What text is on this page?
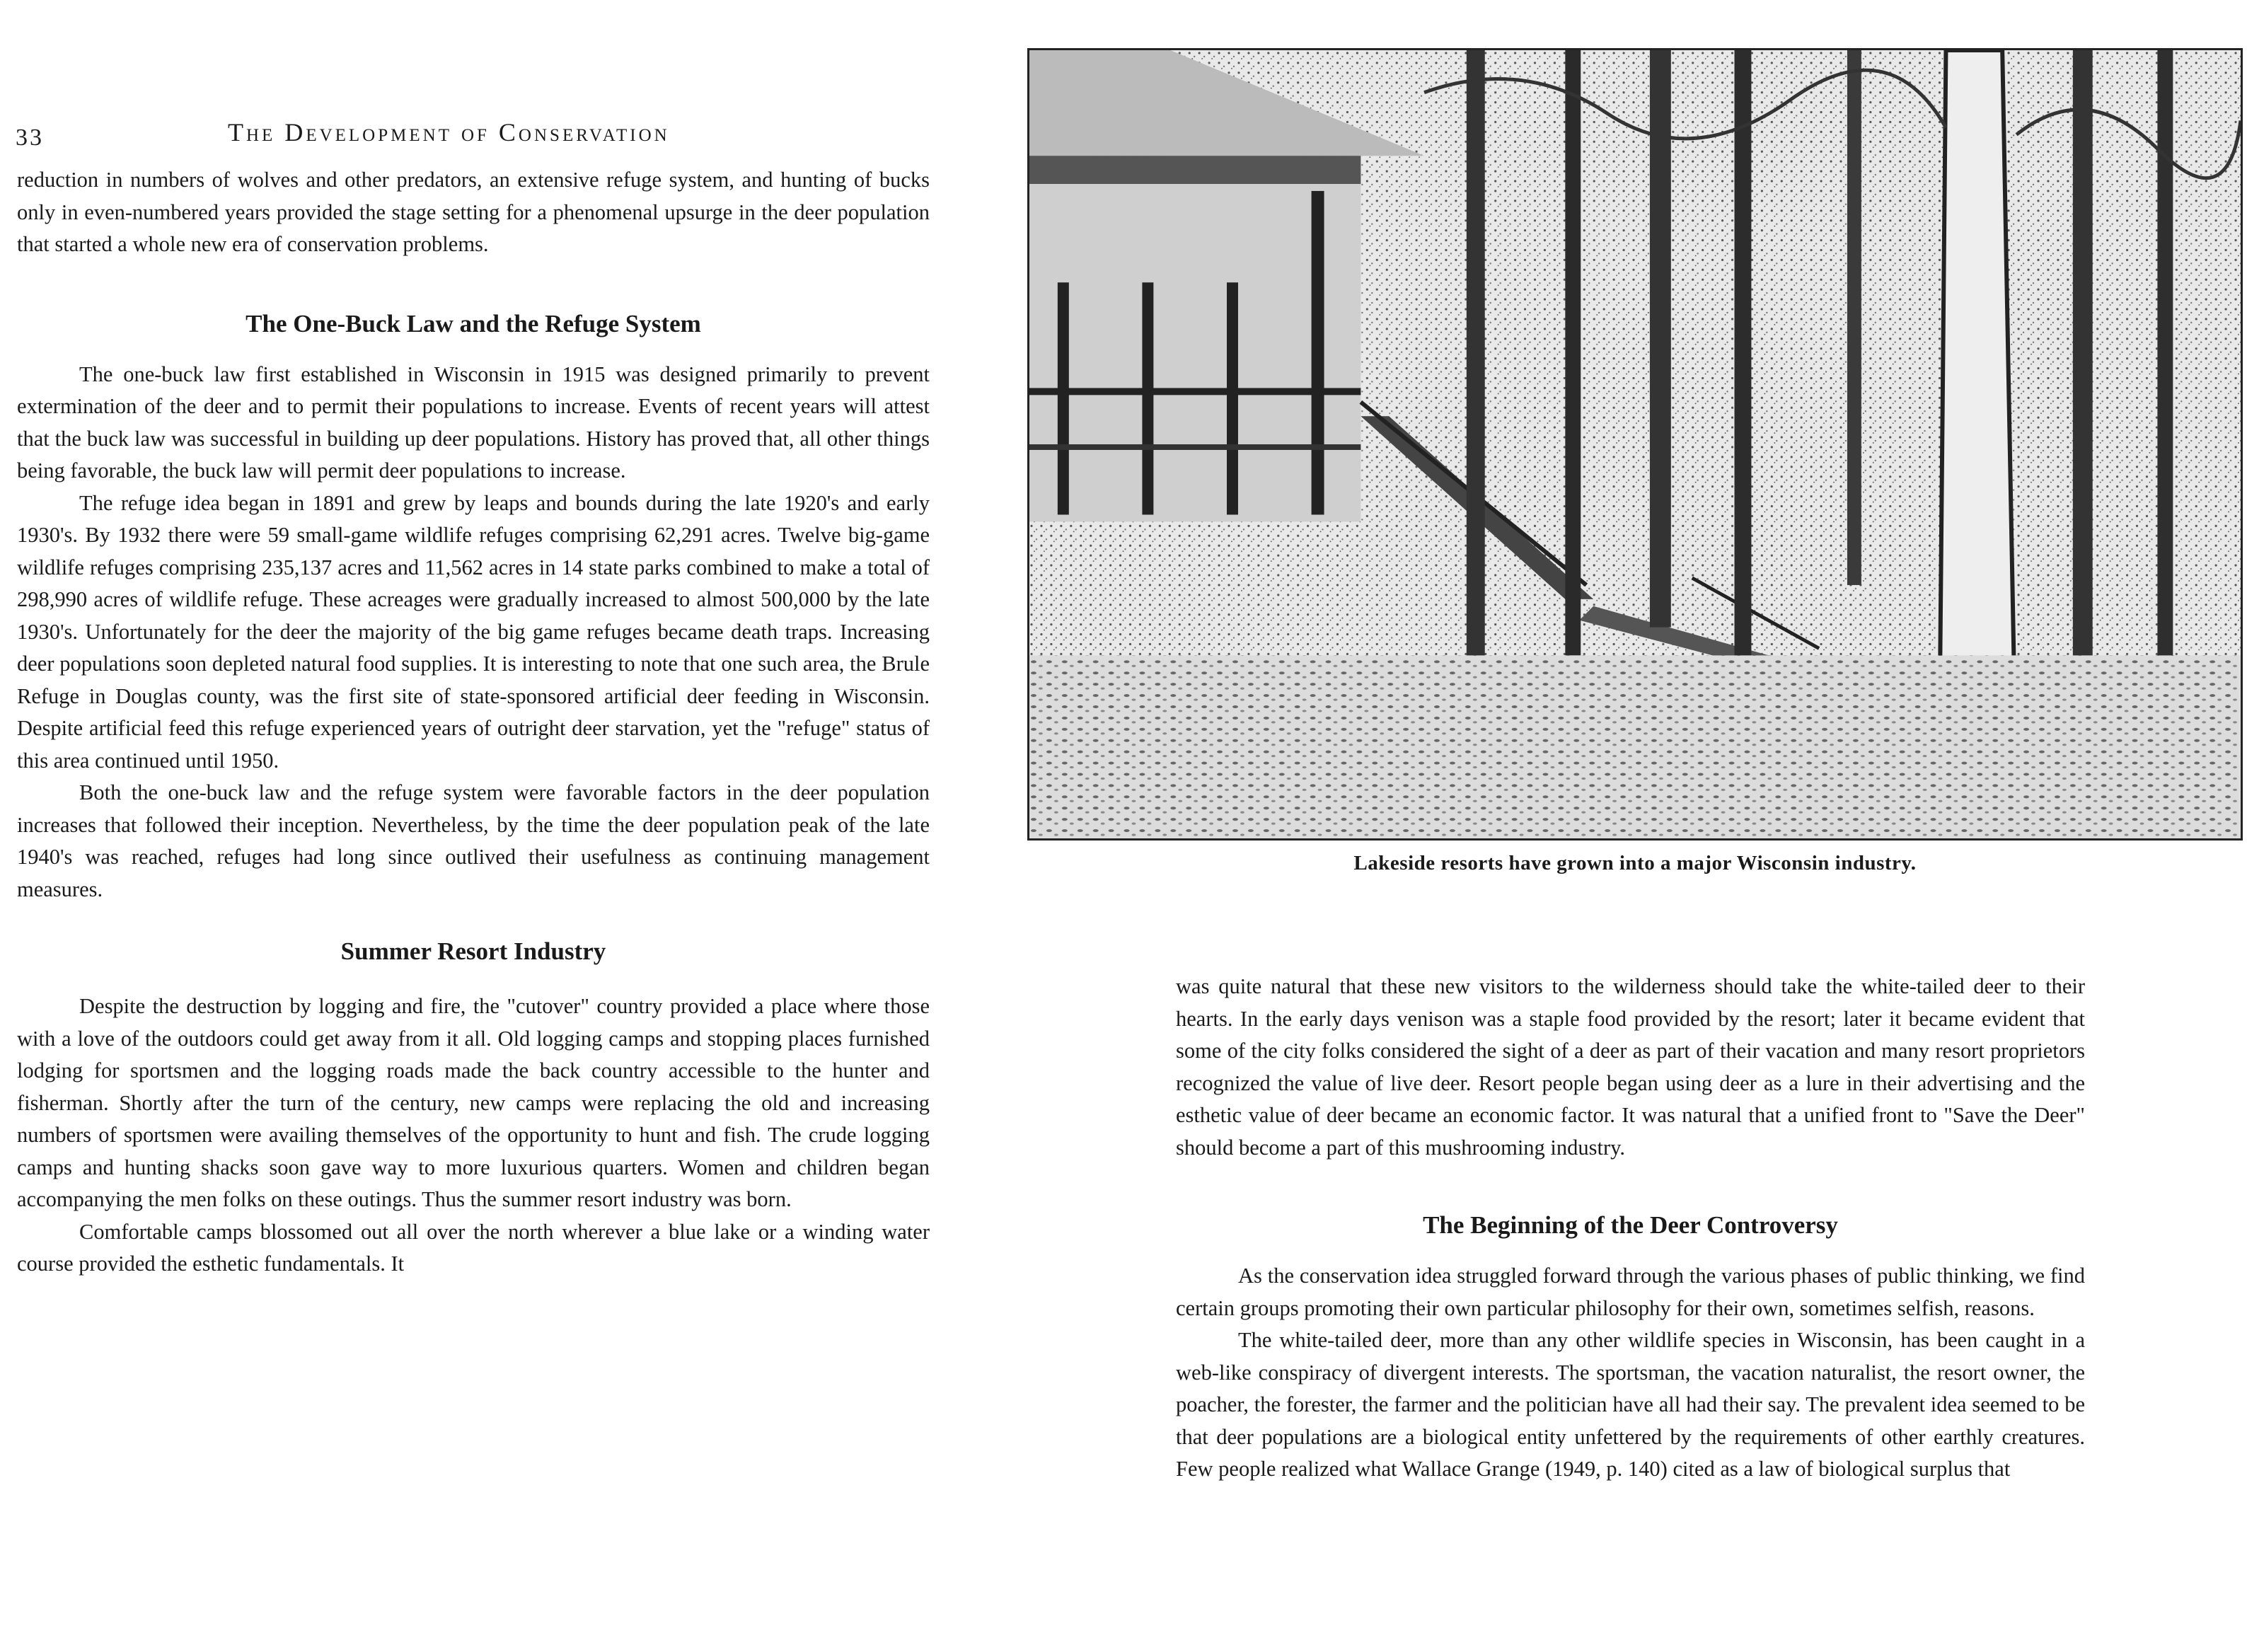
33	The Development of Conservation

reduction in numbers of wolves and other predators, an extensive refuge system, and hunting of bucks only in even-numbered years provided the stage setting for a phenomenal upsurge in the deer population that started a whole new era of conservation problems.

The One-Buck Law and the Refuge System

The one-buck law first established in Wisconsin in 1915 was designed primarily to prevent extermination of the deer and to permit their populations to increase. Events of recent years will attest that the buck law was successful in building up deer populations. History has proved that, all other things being favorable, the buck law will permit deer populations to increase.

The refuge idea began in 1891 and grew by leaps and bounds during the late 1920's and early 1930's. By 1932 there were 59 small-game wildlife refuges comprising 62,291 acres. Twelve big-game wildlife refuges comprising 235,137 acres and 11,562 acres in 14 state parks combined to make a total of 298,990 acres of wildlife refuge. These acreages were gradually increased to almost 500,000 by the late 1930's. Unfortunately for the deer the majority of the big game refuges became death traps. Increasing deer populations soon depleted natural food supplies. It is interesting to note that one such area, the Brule Refuge in Douglas county, was the first site of state-sponsored artificial deer feeding in Wisconsin. Despite artificial feed this refuge experienced years of outright deer starvation, yet the "refuge" status of this area continued until 1950.

Both the one-buck law and the refuge system were favorable factors in the deer population increases that followed their inception. Nevertheless, by the time the deer population peak of the late 1940's was reached, refuges had long since outlived their usefulness as continuing management measures.

Summer Resort Industry

Despite the destruction by logging and fire, the "cutover" country provided a place where those with a love of the outdoors could get away from it all. Old logging camps and stopping places furnished lodging for sportsmen and the logging roads made the back country accessible to the hunter and fisherman. Shortly after the turn of the century, new camps were replacing the old and increasing numbers of sportsmen were availing themselves of the opportunity to hunt and fish. The crude logging camps and hunting shacks soon gave way to more luxurious quarters. Women and children began accompanying the men folks on these outings. Thus the summer resort industry was born.

Comfortable camps blossomed out all over the north wherever a blue lake or a winding water course provided the esthetic fundamentals. It

Lakeside resorts have grown into a major Wisconsin industry.

was quite natural that these new visitors to the wilderness should take the white-tailed deer to their hearts. In the early days venison was a staple food provided by the resort; later it became evident that some of the city folks considered the sight of a deer as part of their vacation and many resort proprietors recognized the value of live deer. Resort people began using deer as a lure in their advertising and the esthetic value of deer became an economic factor. It was natural that a unified front to "Save the Deer" should become a part of this mushrooming industry.

The Beginning of the Deer Controversy

As the conservation idea struggled forward through the various phases of public thinking, we find certain groups promoting their own particular philosophy for their own, sometimes selfish, reasons.

The white-tailed deer, more than any other wildlife species in Wisconsin, has been caught in a web-like conspiracy of divergent interests. The sportsman, the vacation naturalist, the resort owner, the poacher, the forester, the farmer and the politician have all had their say. The prevalent idea seemed to be that deer populations are a biological entity unfettered by the requirements of other earthly creatures. Few people realized what Wallace Grange (1949, p. 140) cited as a law of biological surplus that
